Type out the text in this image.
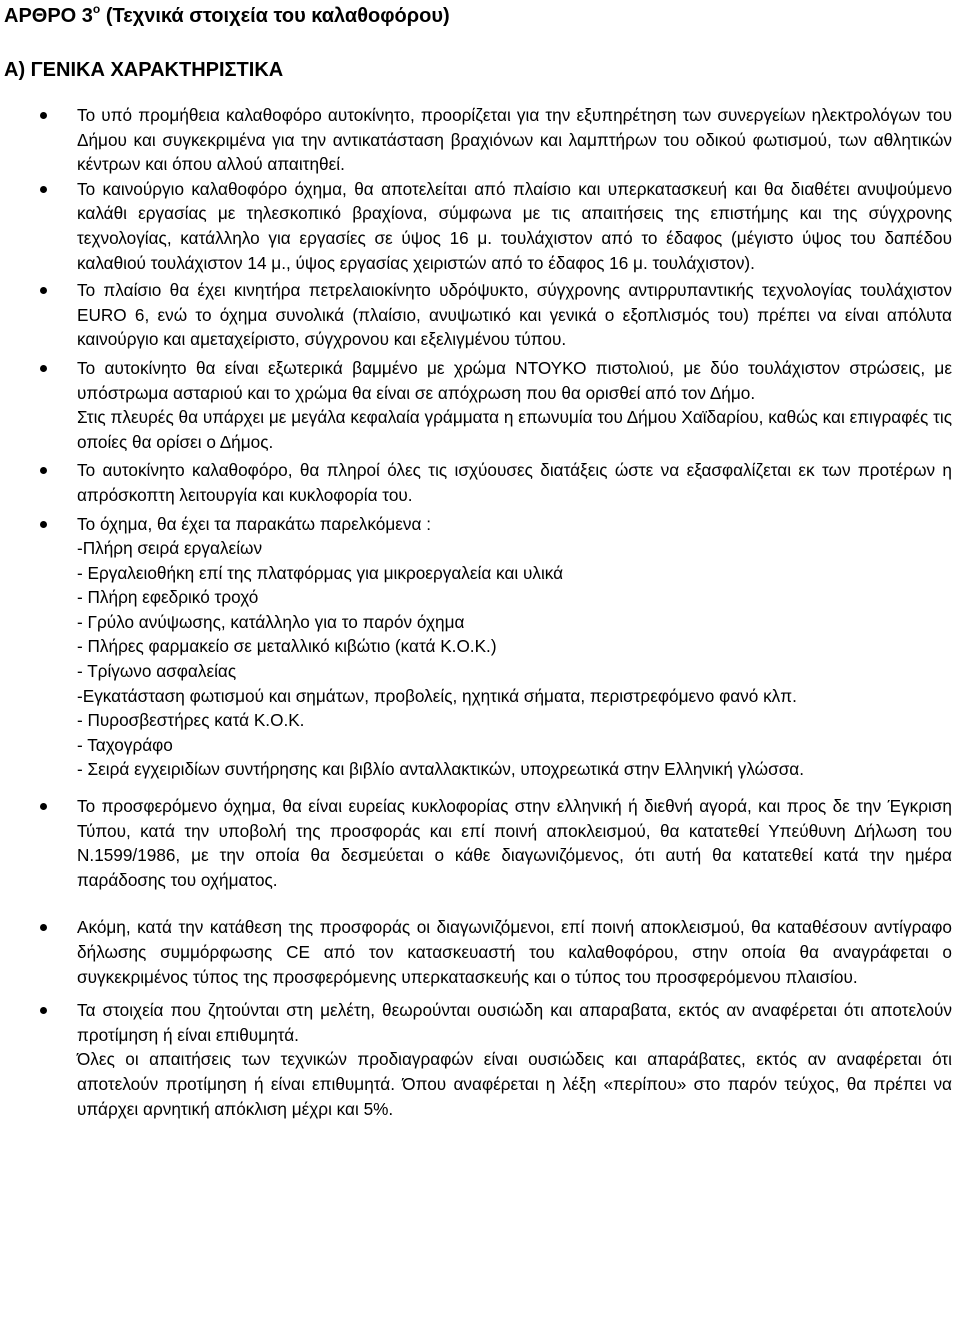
ΑΡΘΡΟ $3^o$ (Τεχνικά στοιχεία του καλαθοφόρου)
Α) ΓΕΝΙΚΑ ΧΑΡΑΚΤΗΡΙΣΤΙΚΑ
Το υπό προμήθεια καλαθοφόρο αυτοκίνητο, προορίζεται για την εξυπηρέτηση των συνεργείων ηλεκτρολόγων του Δήμου και συγκεκριμένα για την αντικατάσταση βραχιόνων και λαμπτήρων του οδικού φωτισμού, των αθλητικών κέντρων και όπου αλλού απαιτηθεί.
Το καινούργιο καλαθοφόρο όχημα, θα αποτελείται από πλαίσιο και υπερκατασκευή και θα διαθέτει ανυψούμενο καλάθι εργασίας με τηλεσκοπικό βραχίονα, σύμφωνα με τις απαιτήσεις της επιστήμης και της σύγχρονης τεχνολογίας, κατάλληλο για εργασίες σε ύψος 16 μ. τουλάχιστον από το έδαφος (μέγιστο ύψος του δαπέδου καλαθιού τουλάχιστον 14 μ., ύψος εργασίας χειριστών από το έδαφος 16 μ. τουλάχιστον).
Το πλαίσιο θα έχει κινητήρα πετρελαιοκίνητο υδρόψυκτο, σύγχρονης αντιρρυπαντικής τεχνολογίας τουλάχιστον EURO 6, ενώ το όχημα συνολικά (πλαίσιο, ανυψωτικό και γενικά ο εξοπλισμός του) πρέπει να είναι απόλυτα καινούργιο και αμεταχείριστο, σύγχρονου και εξελιγμένου τύπου.
Το αυτοκίνητο θα είναι εξωτερικά βαμμένο με χρώμα ΝΤΟΥΚΟ πιστολιού, με δύο τουλάχιστον στρώσεις, με υπόστρωμα ασταριού και το χρώμα θα είναι σε απόχρωση που θα ορισθεί από τον Δήμο.
Στις πλευρές θα υπάρχει με μεγάλα κεφαλαία γράμματα η επωνυμία του Δήμου Χαϊδαρίου, καθώς και επιγραφές τις οποίες θα ορίσει ο Δήμος.
Το αυτοκίνητο καλαθοφόρο, θα πληροί όλες τις ισχύουσες διατάξεις ώστε να εξασφαλίζεται εκ των προτέρων η απρόσκοπτη λειτουργία και κυκλοφορία του.
Το όχημα, θα έχει τα παρακάτω παρελκόμενα :
-Πλήρη σειρά εργαλείων
- Εργαλειοθήκη επί της πλατφόρμας για μικροεργαλεία και υλικά
- Πλήρη εφεδρικό τροχό
- Γρύλο ανύψωσης, κατάλληλο για το παρόν όχημα
- Πλήρες φαρμακείο σε μεταλλικό κιβώτιο (κατά Κ.Ο.Κ.)
- Τρίγωνο ασφαλείας
-Εγκατάσταση φωτισμού και σημάτων, προβολείς, ηχητικά σήματα, περιστρεφόμενο φανό κλπ.
- Πυροσβεστήρες κατά Κ.Ο.Κ.
- Ταχογράφο
- Σειρά εγχειριδίων συντήρησης και βιβλίο ανταλλακτικών, υποχρεωτικά στην Ελληνική γλώσσα.
Το προσφερόμενο όχημα, θα είναι ευρείας κυκλοφορίας στην ελληνική ή διεθνή αγορά, και προς δε την Έγκριση Τύπου, κατά την υποβολή της προσφοράς και επί ποινή αποκλεισμού, θα κατατεθεί Υπεύθυνη Δήλωση του Ν.1599/1986, με την οποία θα δεσμεύεται ο κάθε διαγωνιζόμενος, ότι αυτή θα κατατεθεί κατά την ημέρα παράδοσης του οχήματος.
Ακόμη, κατά την κατάθεση της προσφοράς οι διαγωνιζόμενοι, επί ποινή αποκλεισμού, θα καταθέσουν αντίγραφο δήλωσης συμμόρφωσης CE από τον κατασκευαστή του καλαθοφόρου, στην οποία θα αναγράφεται ο συγκεκριμένος τύπος της προσφερόμενης υπερκατασκευής και ο τύπος του προσφερόμενου πλαισίου.
Τα στοιχεία που ζητούνται στη μελέτη, θεωρούνται ουσιώδη και απαραβατα, εκτός αν αναφέρεται ότι αποτελούν προτίμηση ή είναι επιθυμητά.
Όλες οι απαιτήσεις των τεχνικών προδιαγραφών είναι ουσιώδεις και απαράβατες, εκτός αν αναφέρεται ότι αποτελούν προτίμηση ή είναι επιθυμητά. Όπου αναφέρεται η λέξη «περίπου» στο παρόν τεύχος, θα πρέπει να υπάρχει αρνητική απόκλιση μέχρι και 5%.
